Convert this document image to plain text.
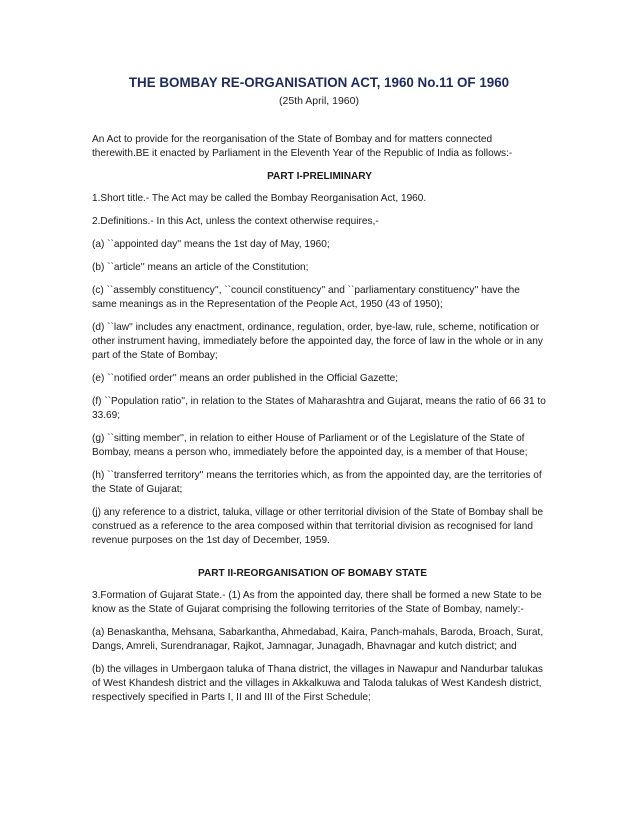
THE BOMBAY RE-ORGANISATION ACT, 1960 No.11 OF 1960

(25th April, 1960)

An Act to provide for the reorganisation of the State of Bombay and for matters connected therewith.BE it enacted by Parliament in the Eleventh Year of the Republic of India as follows:-

PART I-PRELIMINARY

1.Short title.- The Act may be called the Bombay Reorganisation Act, 1960.

2.Definitions.- In this Act, unless the context otherwise requires,-

(a) ``appointed day'' means the 1st day of May, 1960;

(b) ``article'' means an article of the Constitution;

(c) ``assembly constituency'', ``council constituency'' and ``parliamentary constituency'' have the same meanings as in the Representation of the People Act, 1950 (43 of 1950);

(d) ``law'' includes any enactment, ordinance, regulation, order, bye-law, rule, scheme, notification or other instrument having, immediately before the appointed day, the force of law in the whole or in any part of the State of Bombay;

(e) ``notified order'' means an order published in the Official Gazette;

(f) ``Population ratio'', in relation to the States of Maharashtra and Gujarat, means the ratio of 66 31 to 33.69;

(g) ``sitting member'', in relation to either House of Parliament or of the Legislature of the State of Bombay, means a person who, immediately before the appointed day, is a member of that House;

(h) ``transferred territory'' means the territories which, as from the appointed day, are the territories of the State of Gujarat;

(j) any reference to a district, taluka, village or other territorial division of the State of Bombay shall be construed as a reference to the area composed within that territorial division as recognised for land revenue purposes on the 1st day of December, 1959.

PART II-REORGANISATION OF BOMABY STATE

3.Formation of Gujarat State.- (1) As from the appointed day, there shall be formed a new State to be know as the State of Gujarat comprising the following territories of the State of Bombay, namely:-

(a) Benaskantha, Mehsana, Sabarkantha, Ahmedabad, Kaira, Panch-mahals, Baroda, Broach, Surat, Dangs, Amreli, Surendranagar, Rajkot, Jamnagar, Junagadh, Bhavnagar and kutch district; and

(b) the villages in Umbergaon taluka of Thana district, the villages in Nawapur and Nandurbar talukas of West Khandesh district and the villages in Akkalkuwa and Taloda talukas of West Kandesh district, respectively specified in Parts I, II and III of the First Schedule;
